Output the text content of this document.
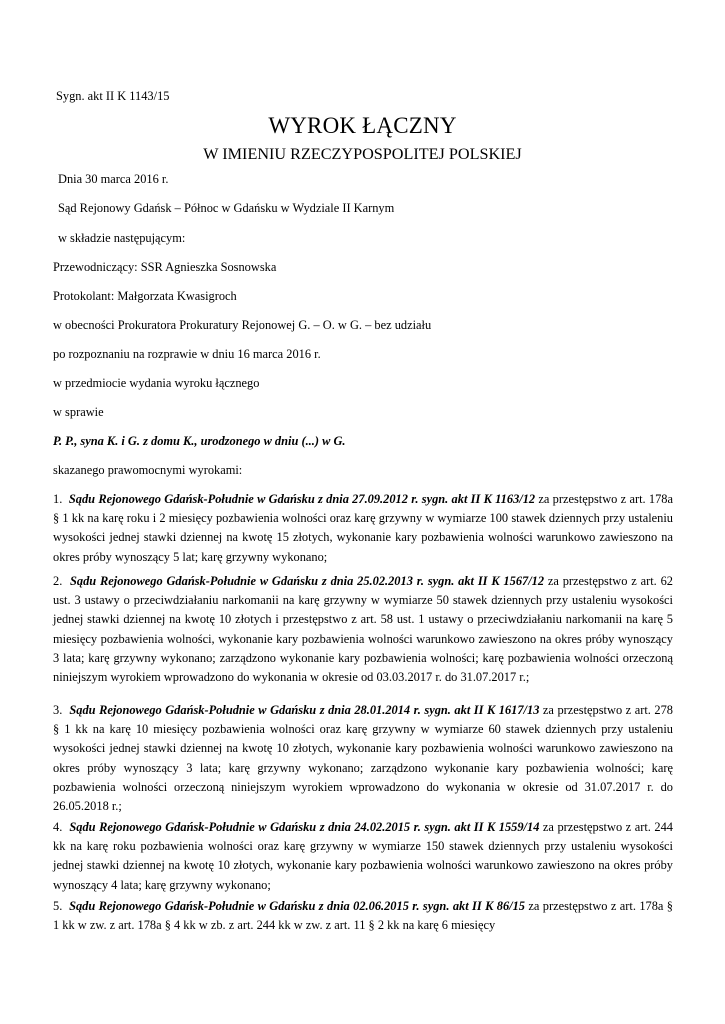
Sygn. akt II K 1143/15

WYROK ŁĄCZNY

W IMIENIU RZECZYPOSPOLITEJ POLSKIEJ

Dnia 30 marca 2016 r.

Sąd Rejonowy Gdańsk – Północ w Gdańsku w Wydziale II Karnym

w składzie następującym:

Przewodniczący: SSR Agnieszka Sosnowska

Protokolant: Małgorzata Kwasigroch

w obecności Prokuratora Prokuratury Rejonowej G. – O. w G. – bez udziału

po rozpoznaniu na rozprawie w dniu 16 marca 2016 r.

w przedmiocie wydania wyroku łącznego

w sprawie

P. P., syna K. i G. z domu K., urodzonego w dniu (...) w G.

skazanego prawomocnymi wyrokami:

1. Sądu Rejonowego Gdańsk-Południe w Gdańsku z dnia 27.09.2012 r. sygn. akt II K 1163/12 za przestępstwo z art. 178a § 1 kk na karę roku i 2 miesięcy pozbawienia wolności oraz karę grzywny w wymiarze 100 stawek dziennych przy ustaleniu wysokości jednej stawki dziennej na kwotę 15 złotych, wykonanie kary pozbawienia wolności warunkowo zawieszono na okres próby wynoszący 5 lat; karę grzywny wykonano;

2. Sądu Rejonowego Gdańsk-Południe w Gdańsku z dnia 25.02.2013 r. sygn. akt II K 1567/12 za przestępstwo z art. 62 ust. 3 ustawy o przeciwdziałaniu narkomanii na karę grzywny w wymiarze 50 stawek dziennych przy ustaleniu wysokości jednej stawki dziennej na kwotę 10 złotych i przestępstwo z art. 58 ust. 1 ustawy o przeciwdziałaniu narkomanii na karę 5 miesięcy pozbawienia wolności, wykonanie kary pozbawienia wolności warunkowo zawieszono na okres próby wynoszący 3 lata; karę grzywny wykonano; zarządzono wykonanie kary pozbawienia wolności; karę pozbawienia wolności orzeczoną niniejszym wyrokiem wprowadzono do wykonania w okresie od 03.03.2017 r. do 31.07.2017 r.;

3. Sądu Rejonowego Gdańsk-Południe w Gdańsku z dnia 28.01.2014 r. sygn. akt II K 1617/13 za przestępstwo z art. 278 § 1 kk na karę 10 miesięcy pozbawienia wolności oraz karę grzywny w wymiarze 60 stawek dziennych przy ustaleniu wysokości jednej stawki dziennej na kwotę 10 złotych, wykonanie kary pozbawienia wolności warunkowo zawieszono na okres próby wynoszący 3 lata; karę grzywny wykonano; zarządzono wykonanie kary pozbawienia wolności; karę pozbawienia wolności orzeczoną niniejszym wyrokiem wprowadzono do wykonania w okresie od 31.07.2017 r. do 26.05.2018 r.;

4. Sądu Rejonowego Gdańsk-Południe w Gdańsku z dnia 24.02.2015 r. sygn. akt II K 1559/14 za przestępstwo z art. 244 kk na karę roku pozbawienia wolności oraz karę grzywny w wymiarze 150 stawek dziennych przy ustaleniu wysokości jednej stawki dziennej na kwotę 10 złotych, wykonanie kary pozbawienia wolności warunkowo zawieszono na okres próby wynoszący 4 lata; karę grzywny wykonano;

5. Sądu Rejonowego Gdańsk-Południe w Gdańsku z dnia 02.06.2015 r. sygn. akt II K 86/15 za przestępstwo z art. 178a § 1 kk w zw. z art. 178a § 4 kk w zb. z art. 244 kk w zw. z art. 11 § 2 kk na karę 6 miesięcy
